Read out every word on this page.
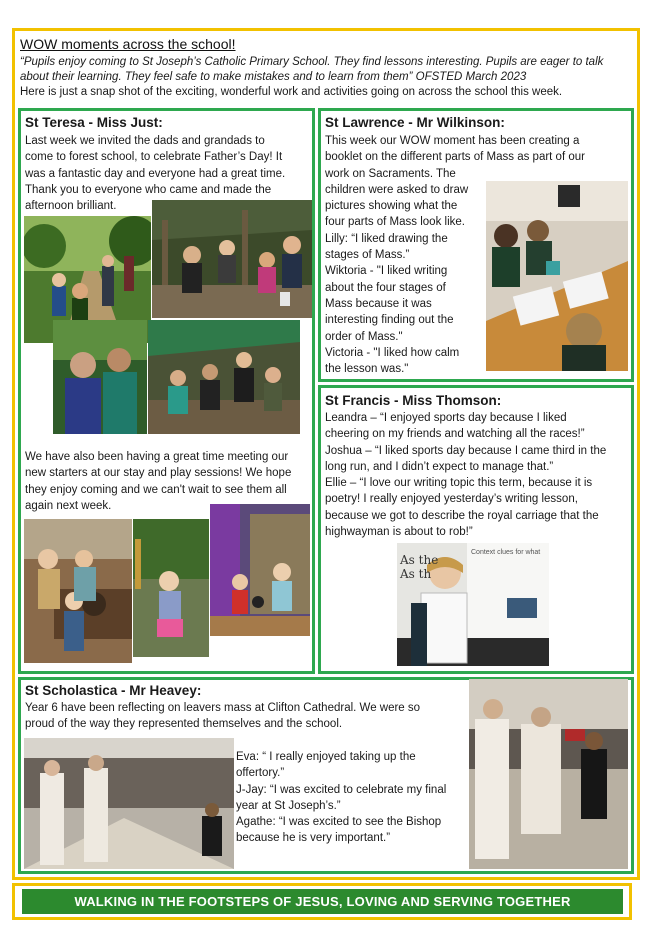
WOW moments across the school!
“Pupils enjoy coming to St Joseph’s Catholic Primary School. They find lessons interesting. Pupils are eager to talk about their learning. They feel safe to make mistakes and to learn from them” OFSTED March 2023
Here is just a snap shot of the exciting, wonderful work and activities going on across the school this week.
St Teresa - Miss Just:
Last week we invited the dads and grandads to
come to forest school, to celebrate Father’s Day! It
was a fantastic day and everyone had a great time.
Thank you to everyone who came and made the
afternoon brilliant.
We have also been having a great time meeting our
new starters at our stay and play sessions! We hope
they enjoy coming and we can't wait to see them all
again next week.
St Lawrence - Mr Wilkinson:
This week our WOW moment has been creating a
booklet on the different parts of Mass as part of our
work on Sacraments. The
children were asked to draw
pictures showing what the
four parts of Mass look like.
Lilly: “I liked drawing the
stages of Mass.”
Wiktoria - "I liked writing
about the four stages of
Mass because it was
interesting finding out the
order of Mass."
Victoria - "I liked how calm
the lesson was."
St Francis - Miss Thomson:
Leandra – “I enjoyed sports day because I liked
cheering on my friends and watching all the races!”
Joshua – “I liked sports day because I came third in the
long run, and I didn’t expect to manage that.”
Ellie – “I love our writing topic this term, because it is
poetry! I really enjoyed yesterday’s writing lesson,
because we got to describe the royal carriage that the
highwayman is about to rob!”
Context clues for what
As the
As th
St Scholastica - Mr Heavey:
Year 6 have been reflecting on leavers mass at Clifton Cathedral. We were so
proud of the way they represented themselves and the school.
Eva: “ I really enjoyed taking up the
offertory.”
J-Jay: “I was excited to celebrate my final
year at St Joseph’s.”
Agathe: “I was excited to see the Bishop
because he is very important.”
WALKING IN THE FOOTSTEPS OF JESUS, LOVING AND SERVING TOGETHER
